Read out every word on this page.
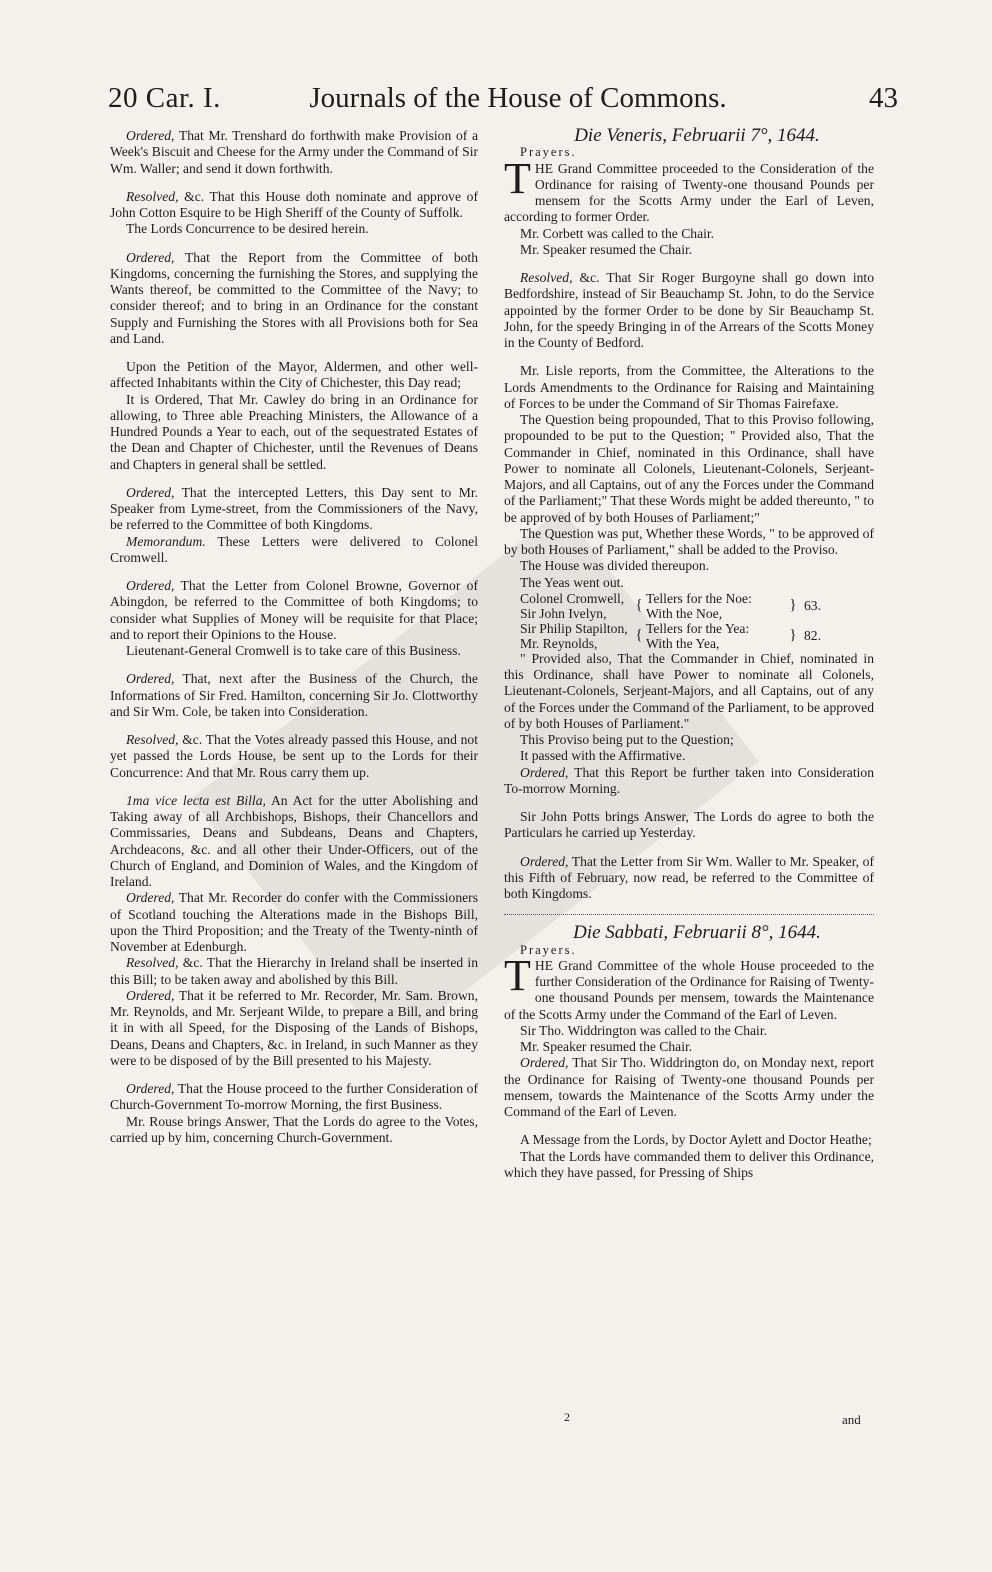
20 Car. I.	Journals of the House of Commons.	43

Ordered, That Mr. Trenshard do forthwith make Provision of a Week's Biscuit and Cheese for the Army under the Command of Sir Wm. Waller; and send it down forthwith.

Resolved, &c. That this House doth nominate and approve of John Cotton Esquire to be High Sheriff of the County of Suffolk.

The Lords Concurrence to be desired herein.

Ordered, That the Report from the Committee of both Kingdoms, concerning the furnishing the Stores, and supplying the Wants thereof, be committed to the Committee of the Navy; to consider thereof; and to bring in an Ordinance for the constant Supply and Furnishing the Stores with all Provisions both for Sea and Land.

Upon the Petition of the Mayor, Aldermen, and other well-affected Inhabitants within the City of Chichester, this Day read;

It is Ordered, That Mr. Cawley do bring in an Ordinance for allowing, to Three able Preaching Ministers, the Allowance of a Hundred Pounds a Year to each, out of the sequestrated Estates of the Dean and Chapter of Chichester, until the Revenues of Deans and Chapters in general shall be settled.

Ordered, That the intercepted Letters, this Day sent to Mr. Speaker from Lyme-street, from the Commissioners of the Navy, be referred to the Committee of both Kingdoms.

Memorandum. These Letters were delivered to Colonel Cromwell.

Ordered, That the Letter from Colonel Browne, Governor of Abingdon, be referred to the Committee of both Kingdoms; to consider what Supplies of Money will be requisite for that Place; and to report their Opinions to the House.

Lieutenant-General Cromwell is to take care of this Business.

Ordered, That, next after the Business of the Church, the Informations of Sir Fred. Hamilton, concerning Sir Jo. Clottworthy and Sir Wm. Cole, be taken into Consideration.

Resolved, &c. That the Votes already passed this House, and not yet passed the Lords House, be sent up to the Lords for their Concurrence: And that Mr. Rous carry them up.

1ma vice lecta est Billa, An Act for the utter Abolishing and Taking away of all Archbishops, Bishops, their Chancellors and Commissaries, Deans and Subdeans, Deans and Chapters, Archdeacons, &c. and all other their Under-Officers, out of the Church of England, and Dominion of Wales, and the Kingdom of Ireland.

Ordered, That Mr. Recorder do confer with the Commissioners of Scotland touching the Alterations made in the Bishops Bill, upon the Third Proposition; and the Treaty of the Twenty-ninth of November at Edenburgh.

Resolved, &c. That the Hierarchy in Ireland shall be inserted in this Bill; to be taken away and abolished by this Bill.

Ordered, That it be referred to Mr. Recorder, Mr. Sam. Brown, Mr. Reynolds, and Mr. Serjeant Wilde, to prepare a Bill, and bring it in with all Speed, for the Disposing of the Lands of Bishops, Deans, Deans and Chapters, &c. in Ireland, in such Manner as they were to be disposed of by the Bill presented to his Majesty.

Ordered, That the House proceed to the further Consideration of Church-Government To-morrow Morning, the first Business.

Mr. Rouse brings Answer, That the Lords do agree to the Votes, carried up by him, concerning Church-Government.

Die Veneris, Februarii 7°, 1644.

Prayers.

THE Grand Committee proceeded to the Consideration of the Ordinance for raising of Twenty-one thousand Pounds per mensem for the Scotts Army under the Earl of Leven, according to former Order.

Mr. Corbett was called to the Chair.

Mr. Speaker resumed the Chair.

Resolved, &c. That Sir Roger Burgoyne shall go down into Bedfordshire, instead of Sir Beauchamp St. John, to do the Service appointed by the former Order to be done by Sir Beauchamp St. John, for the speedy Bringing in of the Arrears of the Scotts Money in the County of Bedford.

Mr. Lisle reports, from the Committee, the Alterations to the Lords Amendments to the Ordinance for Raising and Maintaining of Forces to be under the Command of Sir Thomas Fairefaxe.

The Question being propounded, That to this Proviso following, propounded to be put to the Question; " Provided also, That the Commander in Chief, nominated in this Ordinance, shall have Power to nominate all Colonels, Lieutenant-Colonels, Serjeant-Majors, and all Captains, out of any the Forces under the Command of the Parliament;" That these Words might be added thereunto, " to be approved of by both Houses of Parliament;"

The Question was put, Whether these Words, " to be approved of by both Houses of Parliament," shall be added to the Proviso.

The House was divided thereupon.

The Yeas went out.

Colonel Cromwell,	{	Tellers for the Noe:	}	63.
Sir John Ivelyn,		With the Noe,		
Sir Philip Stapilton,	{	Tellers for the Yea:	}	82.
Mr. Reynolds,		With the Yea,		

" Provided also, That the Commander in Chief, nominated in this Ordinance, shall have Power to nominate all Colonels, Lieutenant-Colonels, Serjeant-Majors, and all Captains, out of any of the Forces under the Command of the Parliament, to be approved of by both Houses of Parliament."

This Proviso being put to the Question;

It passed with the Affirmative.

Ordered, That this Report be further taken into Consideration To-morrow Morning.

Sir John Potts brings Answer, The Lords do agree to both the Particulars he carried up Yesterday.

Ordered, That the Letter from Sir Wm. Waller to Mr. Speaker, of this Fifth of February, now read, be referred to the Committee of both Kingdoms.

Die Sabbati, Februarii 8°, 1644.

Prayers.

THE Grand Committee of the whole House proceeded to the further Consideration of the Ordinance for Raising of Twenty-one thousand Pounds per mensem, towards the Maintenance of the Scotts Army under the Command of the Earl of Leven.

Sir Tho. Widdrington was called to the Chair.

Mr. Speaker resumed the Chair.

Ordered, That Sir Tho. Widdrington do, on Monday next, report the Ordinance for Raising of Twenty-one thousand Pounds per mensem, towards the Maintenance of the Scotts Army under the Command of the Earl of Leven.

A Message from the Lords, by Doctor Aylett and Doctor Heathe;

That the Lords have commanded them to deliver this Ordinance, which they have passed, for Pressing of Ships

2	and
